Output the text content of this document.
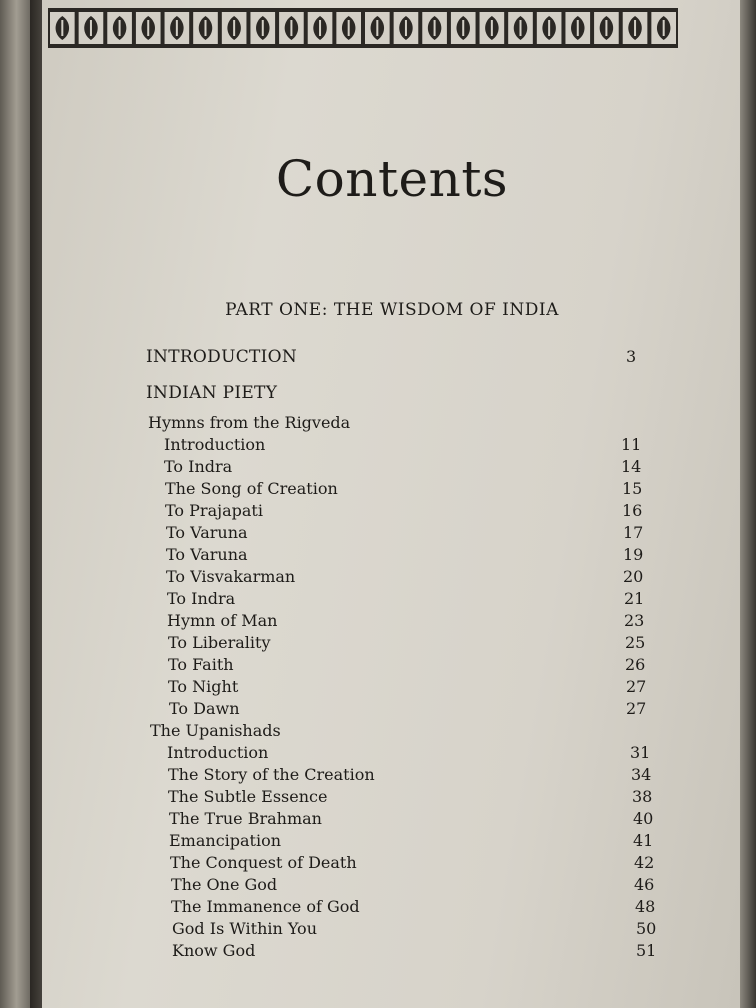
Contents
PART ONE: THE WISDOM OF INDIA
INTRODUCTION	3
INDIAN PIETY
Hymns from the Rigveda
Introduction	11
To Indra	14
The Song of Creation	15
To Prajapati	16
To Varuna	17
To Varuna	19
To Visvakarman	20
To Indra	21
Hymn of Man	23
To Liberality	25
To Faith	26
To Night	27
To Dawn	27
The Upanishads
Introduction	31
The Story of the Creation	34
The Subtle Essence	38
The True Brahman	40
Emancipation	41
The Conquest of Death	42
The One God	46
The Immanence of God	48
God Is Within You	50
Know God	51
